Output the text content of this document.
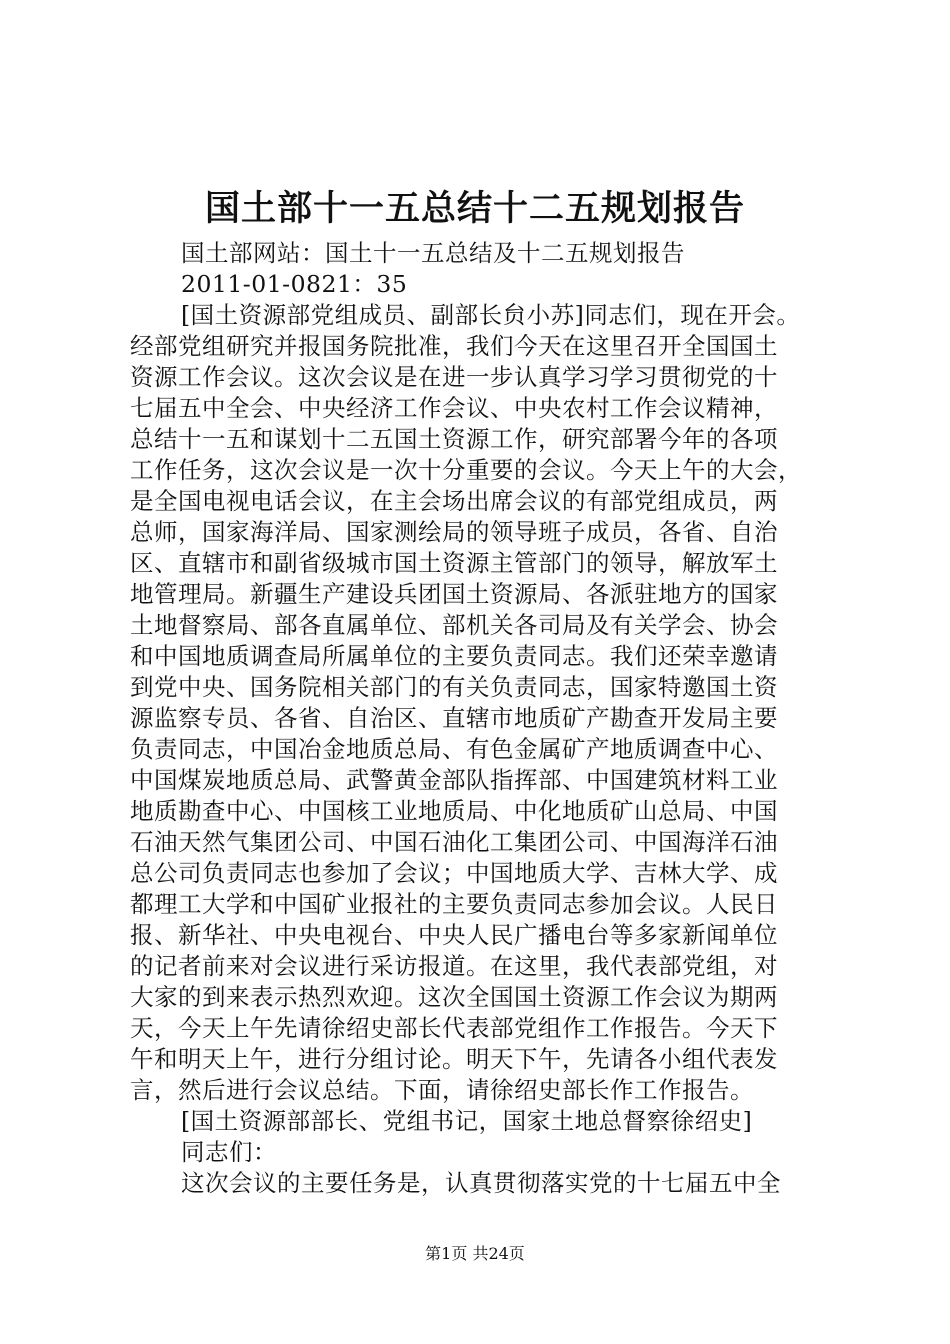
国土部十一五总结十二五规划报告
国土部网站：国土十一五总结及十二五规划报告
2011-01-0821：35
[国土资源部党组成员、副部长贠小苏]同志们，现在开会。
经部党组研究并报国务院批准，我们今天在这里召开全国国土
资源工作会议。这次会议是在进一步认真学习学习贯彻党的十
七届五中全会、中央经济工作会议、中央农村工作会议精神，
总结十一五和谋划十二五国土资源工作，研究部署今年的各项
工作任务，这次会议是一次十分重要的会议。今天上午的大会，
是全国电视电话会议，在主会场出席会议的有部党组成员，两
总师，国家海洋局、国家测绘局的领导班子成员，各省、自治
区、直辖市和副省级城市国土资源主管部门的领导，解放军土
地管理局。新疆生产建设兵团国土资源局、各派驻地方的国家
土地督察局、部各直属单位、部机关各司局及有关学会、协会
和中国地质调查局所属单位的主要负责同志。我们还荣幸邀请
到党中央、国务院相关部门的有关负责同志，国家特邀国土资
源监察专员、各省、自治区、直辖市地质矿产勘查开发局主要
负责同志，中国冶金地质总局、有色金属矿产地质调查中心、
中国煤炭地质总局、武警黄金部队指挥部、中国建筑材料工业
地质勘查中心、中国核工业地质局、中化地质矿山总局、中国
石油天然气集团公司、中国石油化工集团公司、中国海洋石油
总公司负责同志也参加了会议；中国地质大学、吉林大学、成
都理工大学和中国矿业报社的主要负责同志参加会议。人民日
报、新华社、中央电视台、中央人民广播电台等多家新闻单位
的记者前来对会议进行采访报道。在这里，我代表部党组，对
大家的到来表示热烈欢迎。这次全国国土资源工作会议为期两
天，今天上午先请徐绍史部长代表部党组作工作报告。今天下
午和明天上午，进行分组讨论。明天下午，先请各小组代表发
言，然后进行会议总结。下面，请徐绍史部长作工作报告。
[国土资源部部长、党组书记，国家土地总督察徐绍史]
同志们：
这次会议的主要任务是，认真贯彻落实党的十七届五中全
第1页 共24页
